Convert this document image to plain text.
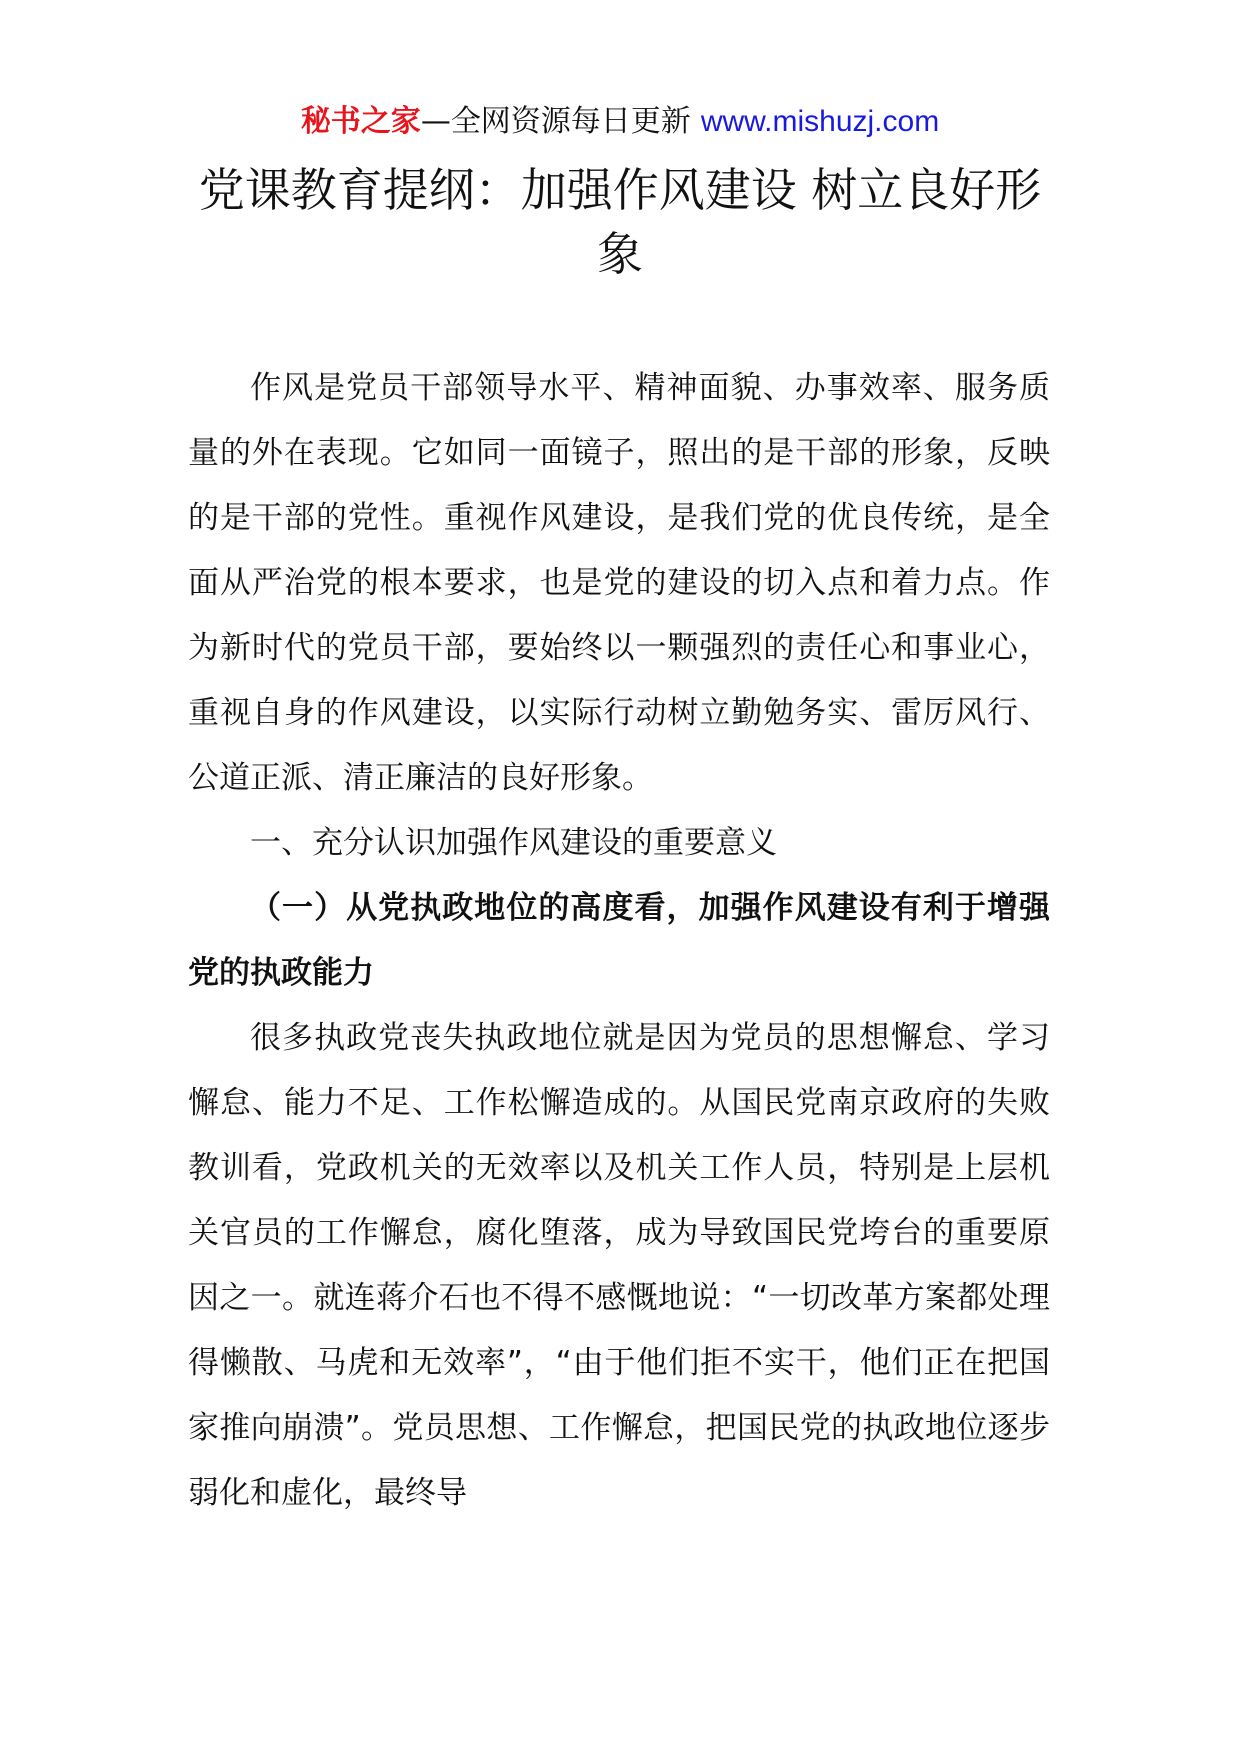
秘书之家—全网资源每日更新 www.mishuzj.com
党课教育提纲：加强作风建设 树立良好形象

作风是党员干部领导水平、精神面貌、办事效率、服务质量的外在表现。它如同一面镜子，照出的是干部的形象，反映的是干部的党性。重视作风建设，是我们党的优良传统，是全面从严治党的根本要求，也是党的建设的切入点和着力点。作为新时代的党员干部，要始终以一颗强烈的责任心和事业心，重视自身的作风建设，以实际行动树立勤勉务实、雷厉风行、公道正派、清正廉洁的良好形象。

一、充分认识加强作风建设的重要意义

（一）从党执政地位的高度看，加强作风建设有利于增强党的执政能力

很多执政党丧失执政地位就是因为党员的思想懈怠、学习懈怠、能力不足、工作松懈造成的。从国民党南京政府的失败教训看，党政机关的无效率以及机关工作人员，特别是上层机关官员的工作懈怠，腐化堕落，成为导致国民党垮台的重要原因之一。就连蒋介石也不得不感慨地说：“一切改革方案都处理得懒散、马虎和无效率”，“由于他们拒不实干，他们正在把国家推向崩溃”。党员思想、工作懈怠，把国民党的执政地位逐步弱化和虚化，最终导
